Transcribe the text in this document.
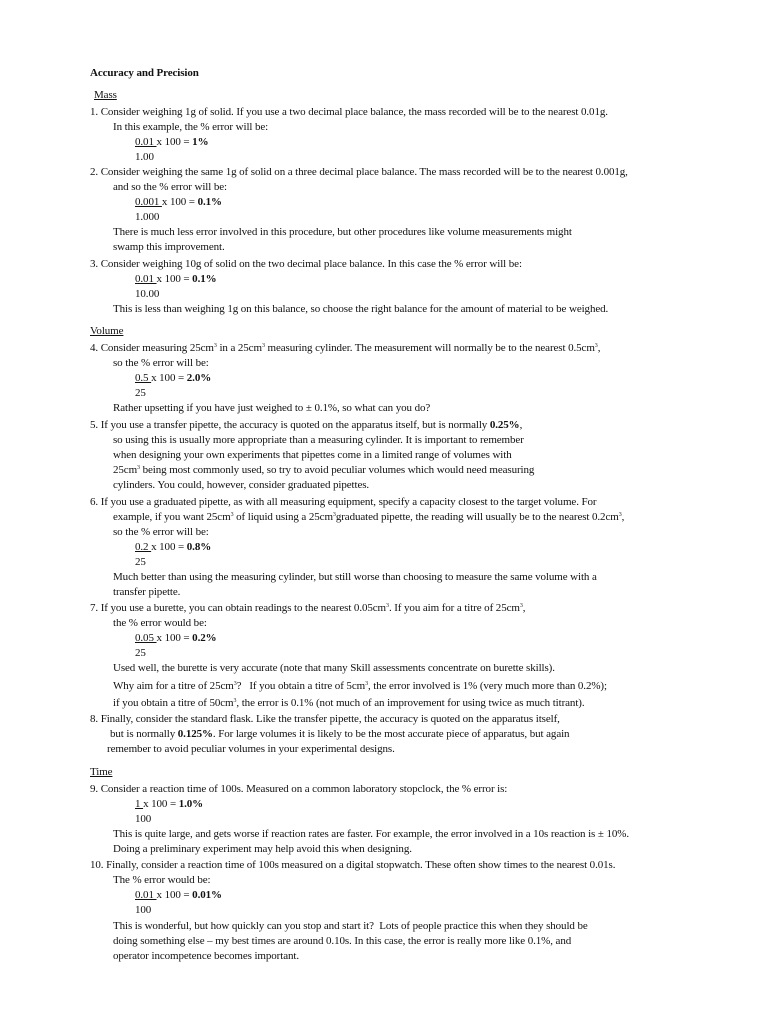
Accuracy and Precision
Mass
1. Consider weighing 1g of solid. If you use a two decimal place balance, the mass recorded will be to the nearest 0.01g.
In this example, the % error will be:
0.01 x 100 = 1%
1.00
2. Consider weighing the same 1g of solid on a three decimal place balance. The mass recorded will be to the nearest 0.001g,
and so the % error will be:
0.001 x 100 = 0.1%
1.000
There is much less error involved in this procedure, but other procedures like volume measurements might
swamp this improvement.
3. Consider weighing 10g of solid on the two decimal place balance. In this case the % error will be:
0.01 x 100 = 0.1%
10.00
This is less than weighing 1g on this balance, so choose the right balance for the amount of material to be weighed.
Volume
4. Consider measuring $25cm^3$ in a $25cm^3$ measuring cylinder. The measurement will normally be to the nearest $0.5cm^3$,
so the % error will be:
0.5 x 100 = 2.0%
25
Rather upsetting if you have just weighed to ± 0.1%, so what can you do?
5. If you use a transfer pipette, the accuracy is quoted on the apparatus itself, but is normally 0.25%,
so using this is usually more appropriate than a measuring cylinder. It is important to remember
when designing your own experiments that pipettes come in a limited range of volumes with
$25cm^3$ being most commonly used, so try to avoid peculiar volumes which would need measuring
cylinders. You could, however, consider graduated pipettes.
6. If you use a graduated pipette, as with all measuring equipment, specify a capacity closest to the target volume. For
example, if you want $25cm^3$ of liquid using a $25cm^3graduated$ pipette, the reading will usually be to the nearest $0.2cm^3$,
so the % error will be:
0.2 x 100 = 0.8%
25
Much better than using the measuring cylinder, but still worse than choosing to measure the same volume with a
transfer pipette.
7. If you use a burette, you can obtain readings to the nearest $0.05cm^3$. If you aim for a titre of $25cm^3$,
the % error would be:
0.05 x 100 = 0.2%
25
Used well, the burette is very accurate (note that many Skill assessments concentrate on burette skills).
Why aim for a titre of $25cm^3$?   If you obtain a titre of $5cm^3$, the error involved is 1% (very much more than 0.2%);
if you obtain a titre of $50cm^3$, the error is 0.1% (not much of an improvement for using twice as much titrant).
8. Finally, consider the standard flask. Like the transfer pipette, the accuracy is quoted on the apparatus itself,
but is normally 0.125%. For large volumes it is likely to be the most accurate piece of apparatus, but again
remember to avoid peculiar volumes in your experimental designs.
Time
9. Consider a reaction time of 100s. Measured on a common laboratory stopclock, the % error is:
1 x 100 = 1.0%
100
This is quite large, and gets worse if reaction rates are faster. For example, the error involved in a 10s reaction is ± 10%.
Doing a preliminary experiment may help avoid this when designing.
10. Finally, consider a reaction time of 100s measured on a digital stopwatch. These often show times to the nearest 0.01s.
The % error would be:
0.01 x 100 = 0.01%
100
This is wonderful, but how quickly can you stop and start it?  Lots of people practice this when they should be
doing something else – my best times are around 0.10s. In this case, the error is really more like 0.1%, and
operator incompetence becomes important.
